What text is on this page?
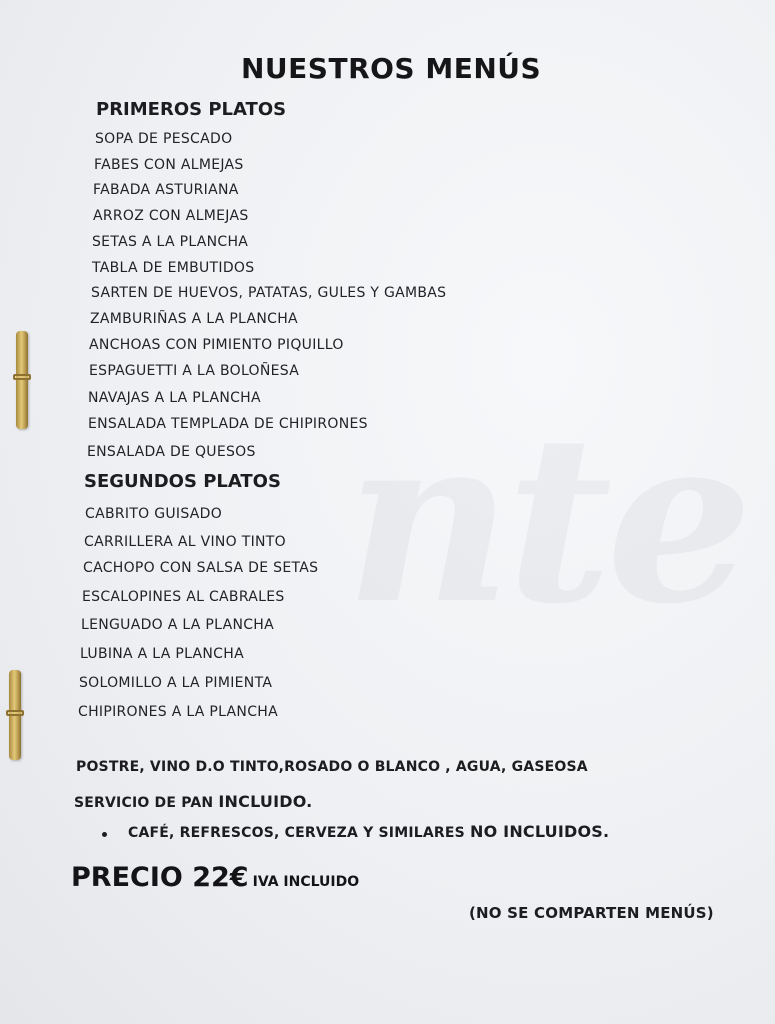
nte
NUESTROS MENÚS
PRIMEROS PLATOS
SOPA DE PESCADO
FABES CON ALMEJAS
FABADA ASTURIANA
ARROZ CON ALMEJAS
SETAS A LA PLANCHA
TABLA DE EMBUTIDOS
SARTEN DE HUEVOS, PATATAS, GULES Y GAMBAS
ZAMBURIÑAS A LA PLANCHA
ANCHOAS CON PIMIENTO PIQUILLO
ESPAGUETTI A LA BOLOÑESA
NAVAJAS A LA PLANCHA
ENSALADA TEMPLADA DE CHIPIRONES
ENSALADA DE QUESOS
SEGUNDOS PLATOS
CABRITO GUISADO
CARRILLERA AL VINO TINTO
CACHOPO CON SALSA DE SETAS
ESCALOPINES AL CABRALES
LENGUADO A LA PLANCHA
LUBINA A LA PLANCHA
SOLOMILLO A LA PIMIENTA
CHIPIRONES A LA PLANCHA
POSTRE, VINO D.O TINTO,ROSADO O BLANCO , AGUA, GASEOSA
SERVICIO DE PAN INCLUIDO.
CAFÉ, REFRESCOS, CERVEZA Y SIMILARES NO INCLUIDOS.
PRECIO 22€ IVA INCLUIDO
(NO SE COMPARTEN MENÚS)
